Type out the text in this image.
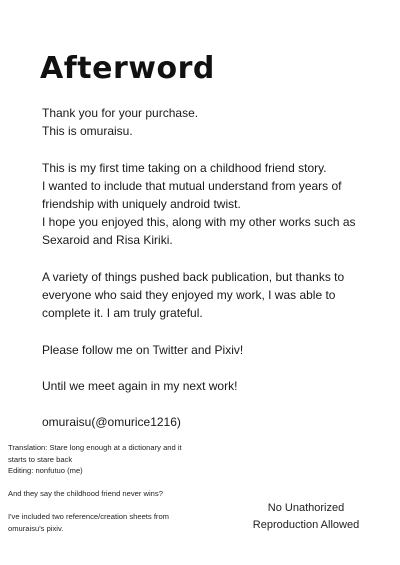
Afterword

Thank you for your purchase.
This is omuraisu.

This is my first time taking on a childhood friend story.
I wanted to include that mutual understand from years of
friendship with uniquely android twist.
I hope you enjoyed this, along with my other works such as
Sexaroid and Risa Kiriki.

A variety of things pushed back publication, but thanks to
everyone who said they enjoyed my work, I was able to
complete it. I am truly grateful.

Please follow me on Twitter and Pixiv!

Until we meet again in my next work!

omuraisu(@omurice1216)

Translation: Stare long enough at a dictionary and it
starts to stare back
Editing: nonfutuo (me)
And they say the childhood friend never wins?
I've included two reference/creation sheets from
omuraisu's pixiv.
No Unathorized
Reproduction Allowed
